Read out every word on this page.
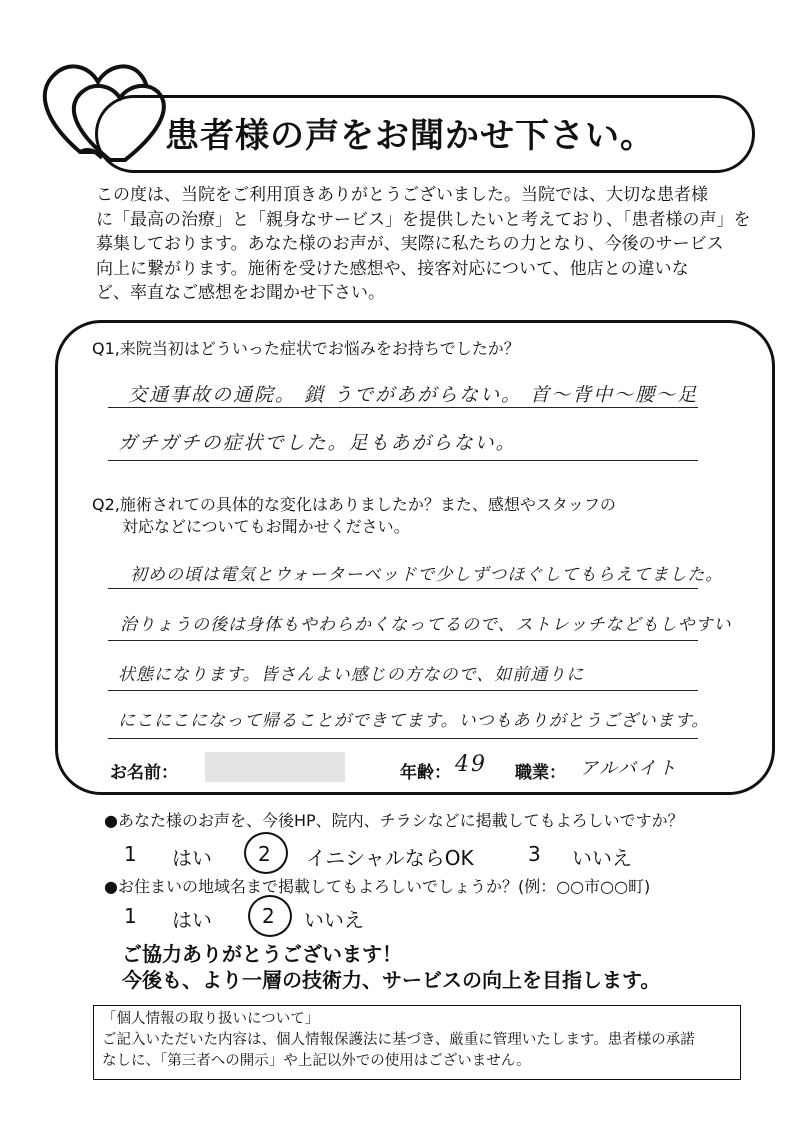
患者様の声をお聞かせ下さい。

この度は、当院をご利用頂きありがとうございました。当院では、大切な患者様

に「最高の治療」と「親身なサービス」を提供したいと考えており、「患者様の声」を

募集しております。あなた様のお声が、実際に私たちの力となり、今後のサービス

向上に繋がります。施術を受けた感想や、接客対応について、他店との違いな

ど、率直なご感想をお聞かせ下さい。

Q1,来院当初はどういった症状でお悩みをお持ちでしたか？
交通事故の通院。 鎖 うでがあがらない。 首〜背中〜腰〜足
ガチガチの症状でした。足もあがらない。
Q2,施術されての具体的な変化はありましたか？また、感想やスタッフの
対応などについてもお聞かせください。
初めの頃は電気とウォーターベッドで少しずつほぐしてもらえてました。
治りょうの後は身体もやわらかくなってるので、ストレッチなどもしやすい
状態になります。皆さんよい感じの方なので、如前通りに
にこにこになって帰ることができてます。いつもありがとうございます。
お名前：	年齢： 49 職業： アルバイト
●あなた様のお声を、今後HP、院内、チラシなどに掲載してもよろしいですか？
1 はい 2 イニシャルならOK	3 いいえ
●お住まいの地域名まで掲載してもよろしいでしょうか？(例：○○市○○町)
1 はい	2 いいえ
ご協力ありがとうございます！
今後も、より一層の技術力、サービスの向上を目指します。
「個人情報の取り扱いについて」
ご記入いただいた内容は、個人情報保護法に基づき、厳重に管理いたします。患者様の承諾
なしに、「第三者への開示」や上記以外での使用はございません。
